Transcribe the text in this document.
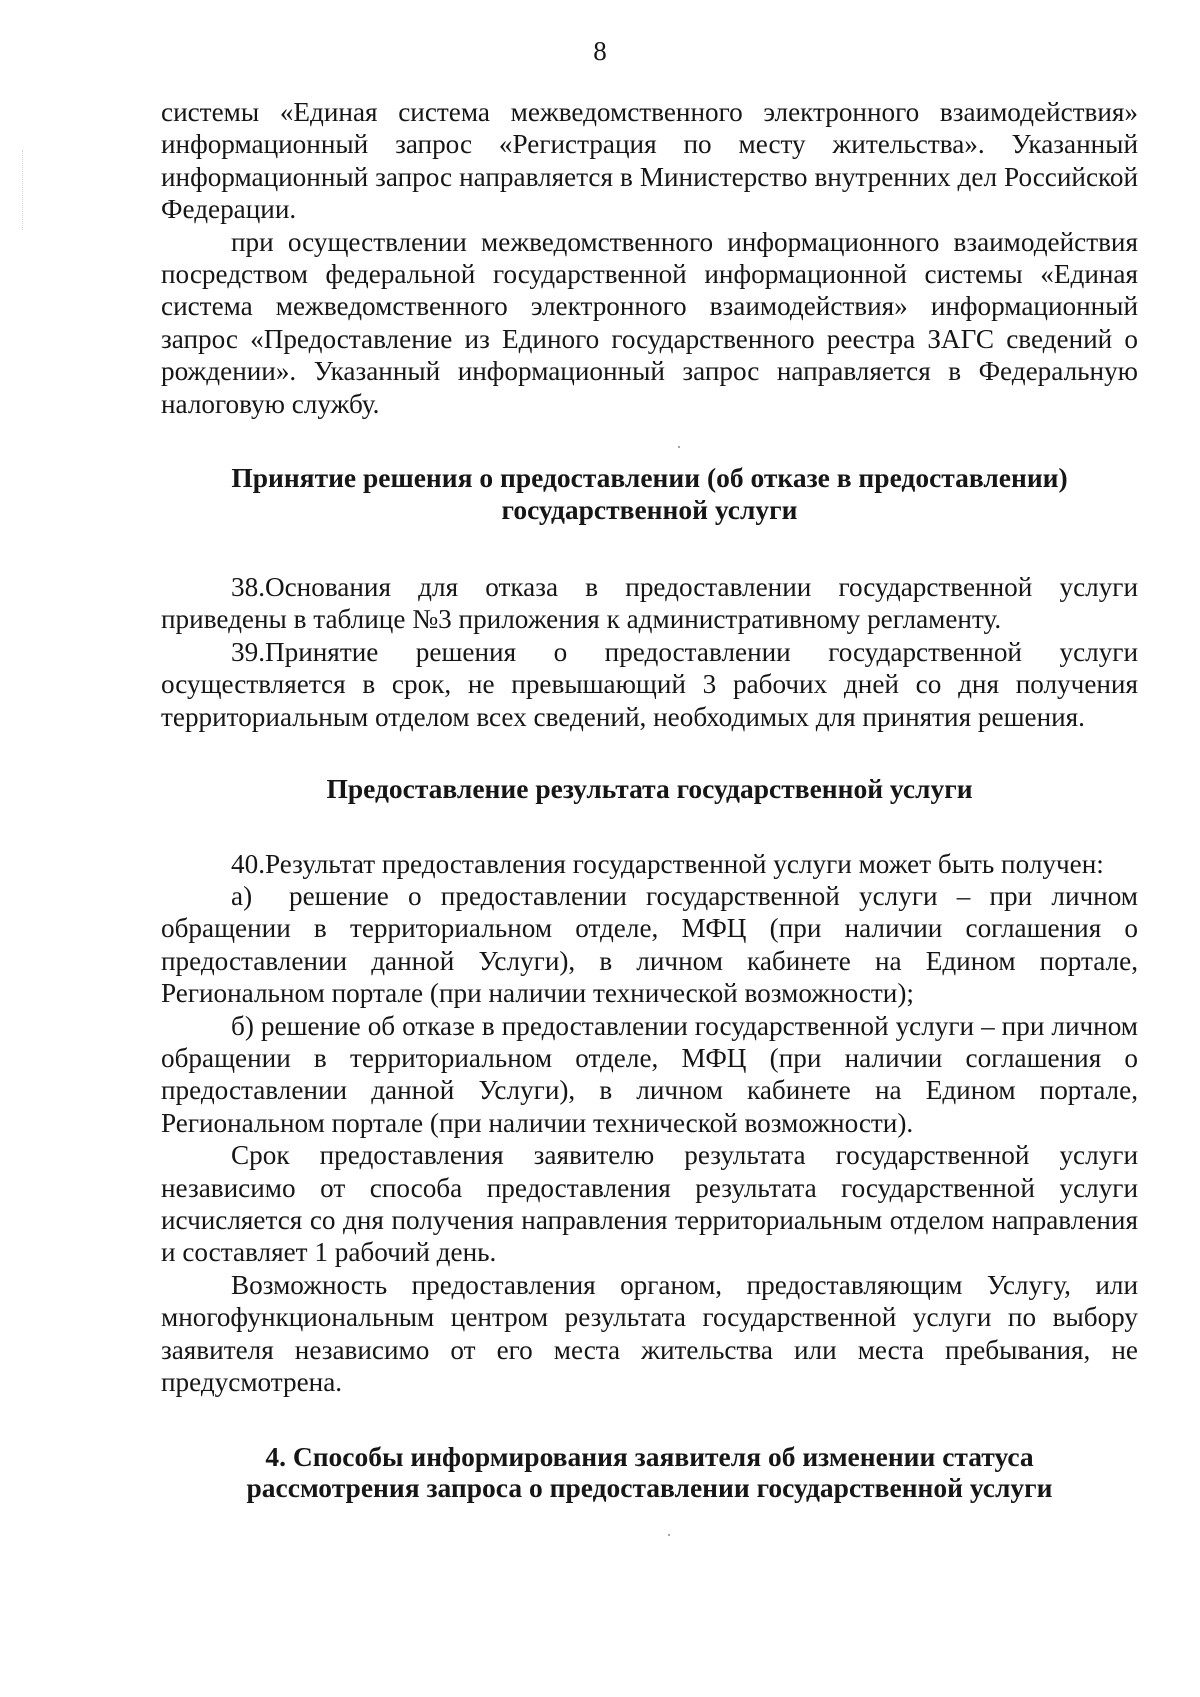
8

системы «Единая система межведомственного электронного взаимодействия» информационный запрос «Регистрация по месту жительства». Указанный информационный запрос направляется в Министерство внутренних дел Российской Федерации.

при осуществлении межведомственного информационного взаимодействия посредством федеральной государственной информационной системы «Единая система межведомственного электронного взаимодействия» информационный запрос «Предоставление из Единого государственного реестра ЗАГС сведений о рождении». Указанный информационный запрос направляется в Федеральную налоговую службу.

Принятие решения о предоставлении (об отказе в предоставлении)
государственной услуги

38.Основания для отказа в предоставлении государственной услуги приведены в таблице №3 приложения к административному регламенту.

39.Принятие решения о предоставлении государственной услуги осуществляется в срок, не превышающий 3 рабочих дней со дня получения территориальным отделом всех сведений, необходимых для принятия решения.

Предоставление результата государственной услуги

40.Результат предоставления государственной услуги может быть получен:

а) решение о предоставлении государственной услуги – при личном обращении в территориальном отделе, МФЦ (при наличии соглашения о предоставлении данной Услуги), в личном кабинете на Едином портале, Региональном портале (при наличии технической возможности);

б) решение об отказе в предоставлении государственной услуги – при личном обращении в территориальном отделе, МФЦ (при наличии соглашения о предоставлении данной Услуги), в личном кабинете на Едином портале, Региональном портале (при наличии технической возможности).

Срок предоставления заявителю результата государственной услуги независимо от способа предоставления результата государственной услуги исчисляется со дня получения направления территориальным отделом направления и составляет 1 рабочий день.

Возможность предоставления органом, предоставляющим Услугу, или многофункциональным центром результата государственной услуги по выбору заявителя независимо от его места жительства или места пребывания, не предусмотрена.

4. Способы информирования заявителя об изменении статуса
рассмотрения запроса о предоставлении государственной услуги
